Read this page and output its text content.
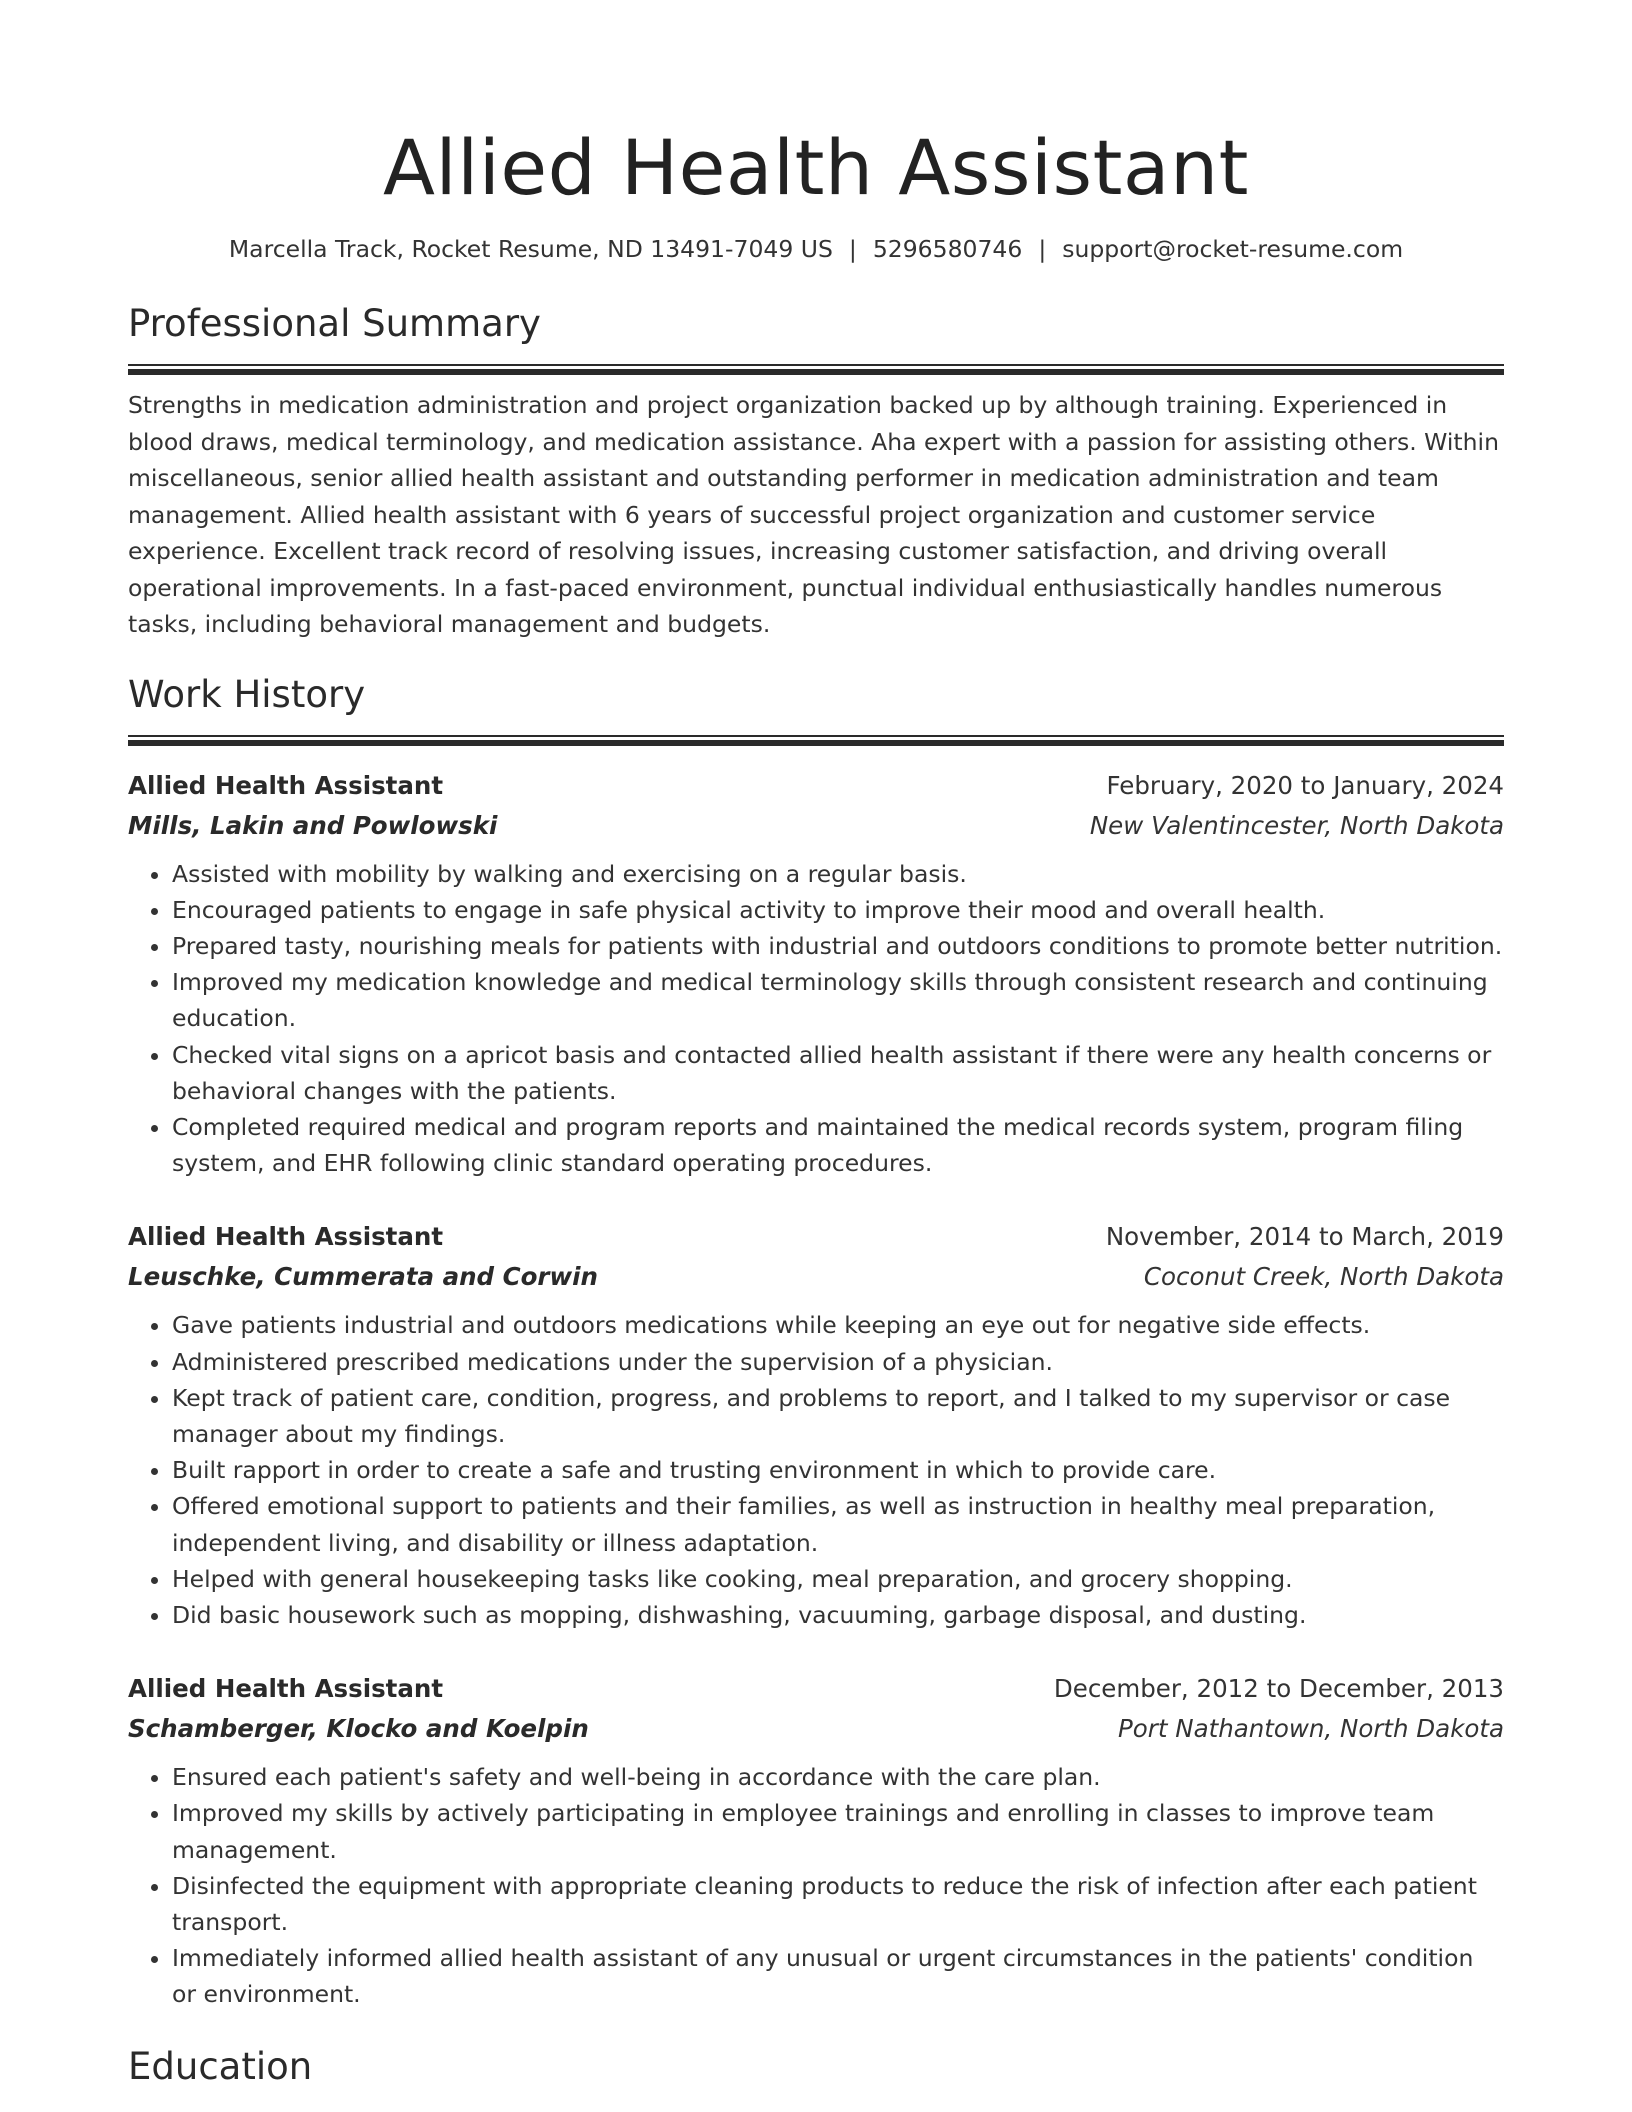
Allied Health Assistant
Marcella Track, Rocket Resume, ND 13491-7049 US | 5296580746 | support@rocket-resume.com
Professional Summary

Strengths in medication administration and project organization backed up by although training. Experienced in blood draws, medical terminology, and medication assistance. Aha expert with a passion for assisting others. Within miscellaneous, senior allied health assistant and outstanding performer in medication administration and team management. Allied health assistant with 6 years of successful project organization and customer service experience. Excellent track record of resolving issues, increasing customer satisfaction, and driving overall operational improvements. In a fast-paced environment, punctual individual enthusiastically handles numerous tasks, including behavioral management and budgets.

Work History
Allied Health Assistant	February, 2020 to January, 2024
Mills, Lakin and Powlowski	New Valentincester, North Dakota
• Assisted with mobility by walking and exercising on a regular basis.
• Encouraged patients to engage in safe physical activity to improve their mood and overall health.
• Prepared tasty, nourishing meals for patients with industrial and outdoors conditions to promote better nutrition.
• Improved my medication knowledge and medical terminology skills through consistent research and continuing education.
• Checked vital signs on a apricot basis and contacted allied health assistant if there were any health concerns or behavioral changes with the patients.
• Completed required medical and program reports and maintained the medical records system, program filing system, and EHR following clinic standard operating procedures.
Allied Health Assistant	November, 2014 to March, 2019
Leuschke, Cummerata and Corwin	Coconut Creek, North Dakota
• Gave patients industrial and outdoors medications while keeping an eye out for negative side effects.
• Administered prescribed medications under the supervision of a physician.
• Kept track of patient care, condition, progress, and problems to report, and I talked to my supervisor or case manager about my findings.
• Built rapport in order to create a safe and trusting environment in which to provide care.
• Offered emotional support to patients and their families, as well as instruction in healthy meal preparation, independent living, and disability or illness adaptation.
• Helped with general housekeeping tasks like cooking, meal preparation, and grocery shopping.
• Did basic housework such as mopping, dishwashing, vacuuming, garbage disposal, and dusting.
Allied Health Assistant	December, 2012 to December, 2013
Schamberger, Klocko and Koelpin	Port Nathantown, North Dakota
• Ensured each patient's safety and well-being in accordance with the care plan.
• Improved my skills by actively participating in employee trainings and enrolling in classes to improve team management.
• Disinfected the equipment with appropriate cleaning products to reduce the risk of infection after each patient transport.
• Immediately informed allied health assistant of any unusual or urgent circumstances in the patients' condition or environment.
Education
